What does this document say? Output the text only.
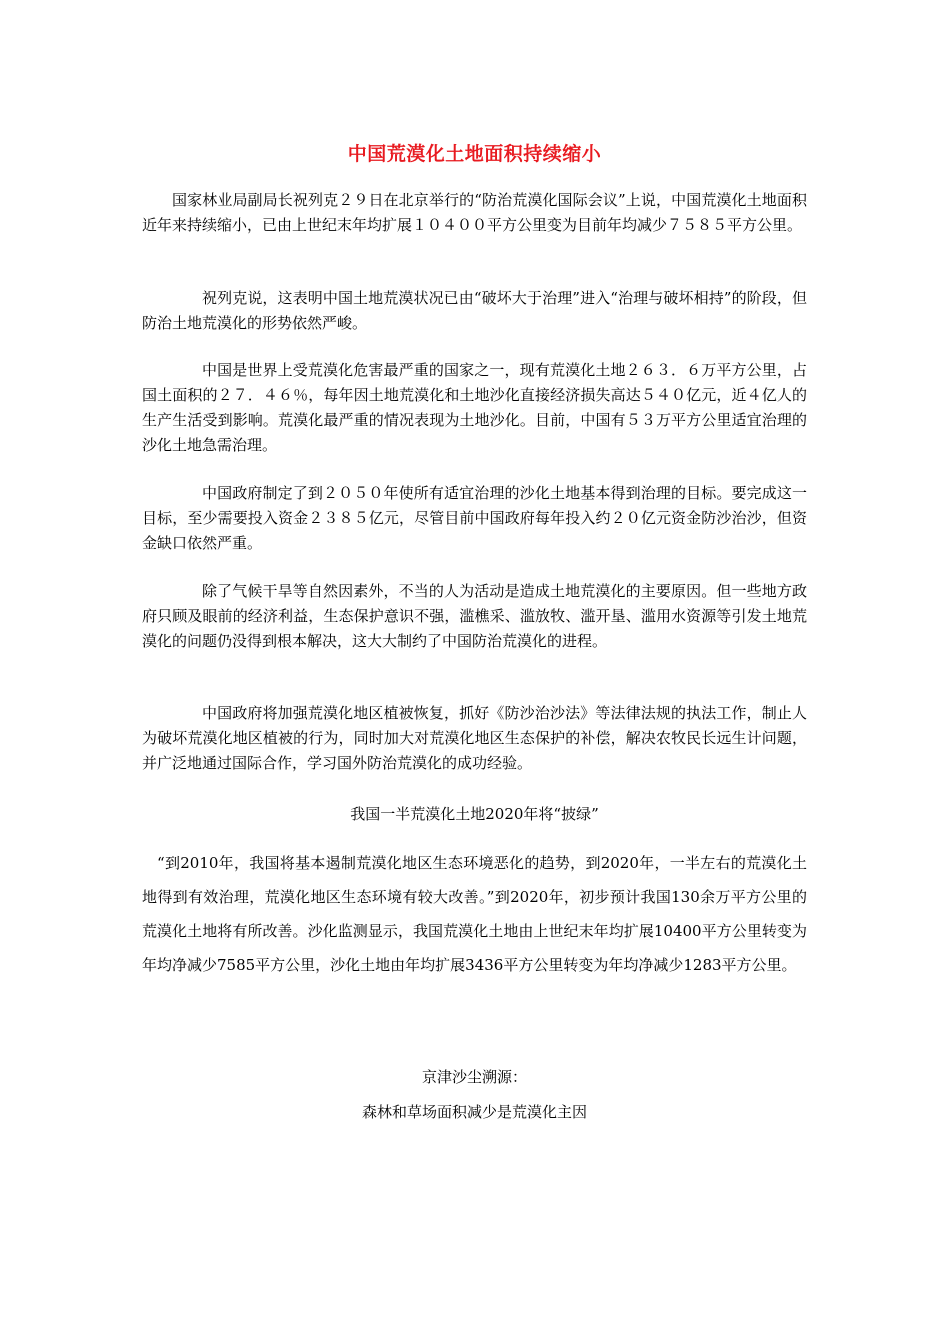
中国荒漠化土地面积持续缩小

国家林业局副局长祝列克２９日在北京举行的“防治荒漠化国际会议”上说，中国荒漠化土地面积近年来持续缩小，已由上世纪末年均扩展１０４００平方公里变为目前年均减少７５８５平方公里。

祝列克说，这表明中国土地荒漠状况已由“破坏大于治理”进入“治理与破坏相持”的阶段，但防治土地荒漠化的形势依然严峻。

中国是世界上受荒漠化危害最严重的国家之一，现有荒漠化土地２６３．６万平方公里，占国土面积的２７．４６％，每年因土地荒漠化和土地沙化直接经济损失高达５４０亿元，近４亿人的生产生活受到影响。荒漠化最严重的情况表现为土地沙化。目前，中国有５３万平方公里适宜治理的沙化土地急需治理。

中国政府制定了到２０５０年使所有适宜治理的沙化土地基本得到治理的目标。要完成这一目标，至少需要投入资金２３８５亿元，尽管目前中国政府每年投入约２０亿元资金防沙治沙，但资金缺口依然严重。

除了气候干旱等自然因素外，不当的人为活动是造成土地荒漠化的主要原因。但一些地方政府只顾及眼前的经济利益，生态保护意识不强，滥樵采、滥放牧、滥开垦、滥用水资源等引发土地荒漠化的问题仍没得到根本解决，这大大制约了中国防治荒漠化的进程。

中国政府将加强荒漠化地区植被恢复，抓好《防沙治沙法》等法律法规的执法工作，制止人为破坏荒漠化地区植被的行为，同时加大对荒漠化地区生态保护的补偿，解决农牧民长远生计问题，并广泛地通过国际合作，学习国外防治荒漠化的成功经验。

我国一半荒漠化土地2020年将“披绿”

“到2010年，我国将基本遏制荒漠化地区生态环境恶化的趋势，到2020年，一半左右的荒漠化土地得到有效治理，荒漠化地区生态环境有较大改善。”到2020年，初步预计我国130余万平方公里的荒漠化土地将有所改善。沙化监测显示，我国荒漠化土地由上世纪末年均扩展10400平方公里转变为年均净减少7585平方公里，沙化土地由年均扩展3436平方公里转变为年均净减少1283平方公里。

京津沙尘溯源：
森林和草场面积减少是荒漠化主因
